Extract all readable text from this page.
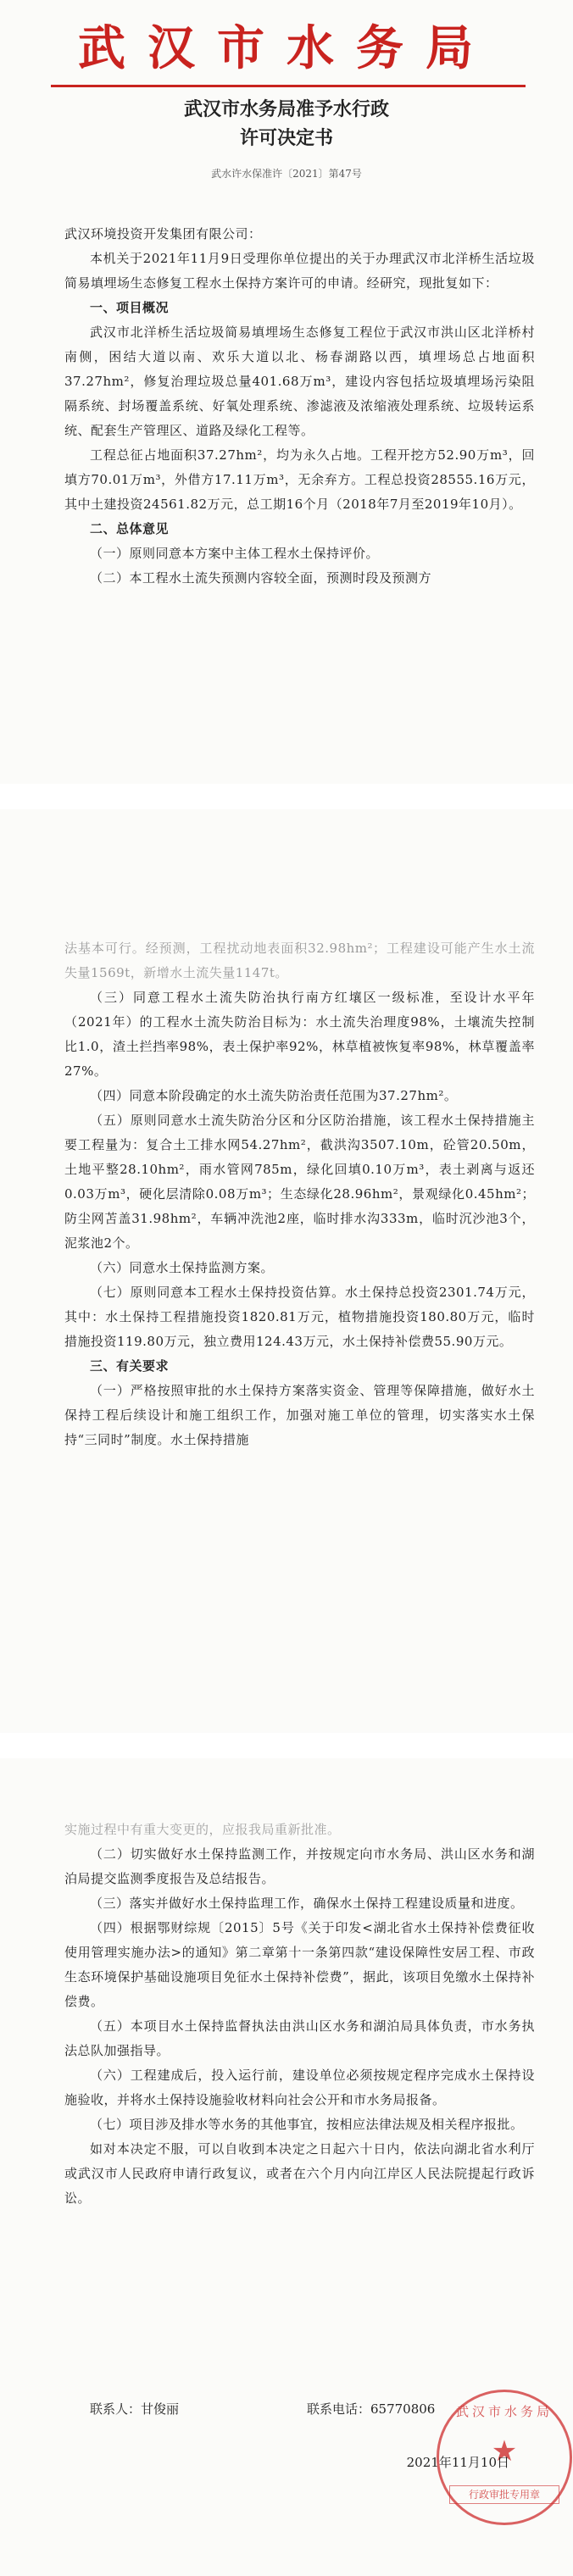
武汉市水务局
武汉市水务局准予水行政
许可决定书
武水许水保准许〔2021〕第47号

武汉环境投资开发集团有限公司：

本机关于2021年11月9日受理你单位提出的关于办理武汉市北洋桥生活垃圾简易填埋场生态修复工程水土保持方案许可的申请。经研究，现批复如下：

一、项目概况

武汉市北洋桥生活垃圾简易填埋场生态修复工程位于武汉市洪山区北洋桥村南侧，困结大道以南、欢乐大道以北、杨春湖路以西，填埋场总占地面积37.27hm²，修复治理垃圾总量401.68万m³，建设内容包括垃圾填埋场污染阻隔系统、封场覆盖系统、好氧处理系统、渗滤液及浓缩液处理系统、垃圾转运系统、配套生产管理区、道路及绿化工程等。

工程总征占地面积37.27hm²，均为永久占地。工程开挖方52.90万m³，回填方70.01万m³，外借方17.11万m³，无余弃方。工程总投资28555.16万元，其中土建投资24561.82万元，总工期16个月（2018年7月至2019年10月）。

二、总体意见

（一）原则同意本方案中主体工程水土保持评价。

（二）本工程水土流失预测内容较全面，预测时段及预测方

法基本可行。经预测，工程扰动地表面积32.98hm²；工程建设可能产生水土流失量1569t，新增水土流失量1147t。

（三）同意工程水土流失防治执行南方红壤区一级标准，至设计水平年（2021年）的工程水土流失防治目标为：水土流失治理度98%，土壤流失控制比1.0，渣土拦挡率98%，表土保护率92%，林草植被恢复率98%，林草覆盖率27%。

（四）同意本阶段确定的水土流失防治责任范围为37.27hm²。

（五）原则同意水土流失防治分区和分区防治措施，该工程水土保持措施主要工程量为：复合土工排水网54.27hm²，截洪沟3507.10m，砼管20.50m，土地平整28.10hm²，雨水管网785m，绿化回填0.10万m³，表土剥离与返还0.03万m³，硬化层清除0.08万m³；生态绿化28.96hm²，景观绿化0.45hm²；防尘网苫盖31.98hm²，车辆冲洗池2座，临时排水沟333m，临时沉沙池3个，泥浆池2个。

（六）同意水土保持监测方案。

（七）原则同意本工程水土保持投资估算。水土保持总投资2301.74万元，其中：水土保持工程措施投资1820.81万元，植物措施投资180.80万元，临时措施投资119.80万元，独立费用124.43万元，水土保持补偿费55.90万元。

三、有关要求

（一）严格按照审批的水土保持方案落实资金、管理等保障措施，做好水土保持工程后续设计和施工组织工作，加强对施工单位的管理，切实落实水土保持“三同时”制度。水土保持措施

实施过程中有重大变更的，应报我局重新批准。

（二）切实做好水土保持监测工作，并按规定向市水务局、洪山区水务和湖泊局提交监测季度报告及总结报告。

（三）落实并做好水土保持监理工作，确保水土保持工程建设质量和进度。

（四）根据鄂财综规〔2015〕5号《关于印发<湖北省水土保持补偿费征收使用管理实施办法>的通知》第二章第十一条第四款“建设保障性安居工程、市政生态环境保护基础设施项目免征水土保持补偿费”，据此，该项目免缴水土保持补偿费。

（五）本项目水土保持监督执法由洪山区水务和湖泊局具体负责，市水务执法总队加强指导。

（六）工程建成后，投入运行前，建设单位必须按规定程序完成水土保持设施验收，并将水土保持设施验收材料向社会公开和市水务局报备。

（七）项目涉及排水等水务的其他事宜，按相应法律法规及相关程序报批。

如对本决定不服，可以自收到本决定之日起六十日内，依法向湖北省水利厅或武汉市人民政府申请行政复议，或者在六个月内向江岸区人民法院提起行政诉讼。

联系人：甘俊丽	联系电话：65770806	武汉市水务局
★
行政审批专用章
2021年11月10日
